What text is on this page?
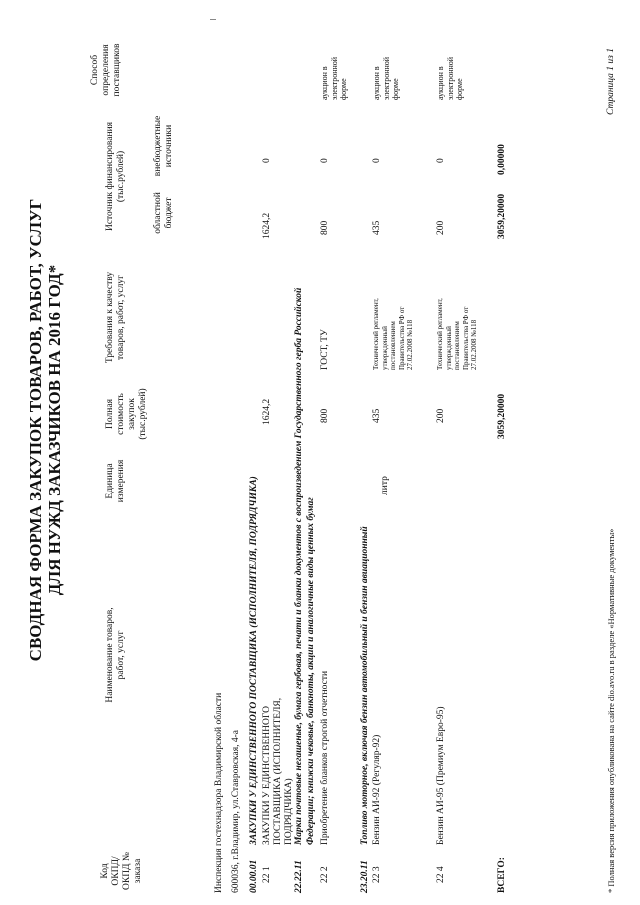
СВОДНАЯ ФОРМА ЗАКУПОК ТОВАРОВ, РАБОТ, УСЛУГ ДЛЯ НУЖД ЗАКАЗЧИКОВ НА 2016 ГОД*
Страница 1 из 1
Код ОКПД/ ОКПД № заказа
Наименование товаров, работ, услуг
Единица измерения
Полная стоимость закупок (тыс.рублей)
Требования к качеству товаров, работ, услуг
Источник финансирования (тыс.рублей)
областной бюджет
внебюджетные источники
Способ определения поставщиков
Инспекция гостехнадзора Владимирской области 600036, г.Владимир, ул.Ставровская, 4-а 00.00.01
ЗАКУПКИ У ЕДИНСТВЕННОГО ПОСТАВЩИКА (ИСПОЛНИТЕЛЯ, ПОДРЯДЧИКА)
22 1
ЗАКУПКИ У ЕДИНСТВЕННОГО ПОСТАВЩИКА (ИСПОЛНИТЕЛЯ, ПОДРЯДЧИКА)
1624,2
1624,2
0
22.22.11
Марки почтовые негашеные, бумага гербовая, печати и бланки документов с воспроизведением Государственного герба Российской Федерации; книжки чековые, банкноты, акции и аналогичные виды ценных бумаг
22 2
Приобретение бланков строгой отчетности
800
ГОСТ, ТУ
800
0
аукцион в электронной форме
23.20.11
Топливо моторное, включая бензин автомобильный и бензин авиационный
22 3
Бензин АИ-92 (Регуляр-92)
литр
435
Технический регламент, утвержденный постановлением Правительства РФ от 27.02.2008 №118
435
0
аукцион в электронной форме
22 4
Бензин АИ-95 (Премиум Евро-95)
200
Технический регламент, утвержденный постановлением Правительства РФ от 27.02.2008 №118
200
0
аукцион в электронной форме
ВСЕГО:
3059,20000
3059,20000
0,00000
* Полная версия приложения опубликована на сайте dio.avo.ru в разделе «Нормативные документы»
